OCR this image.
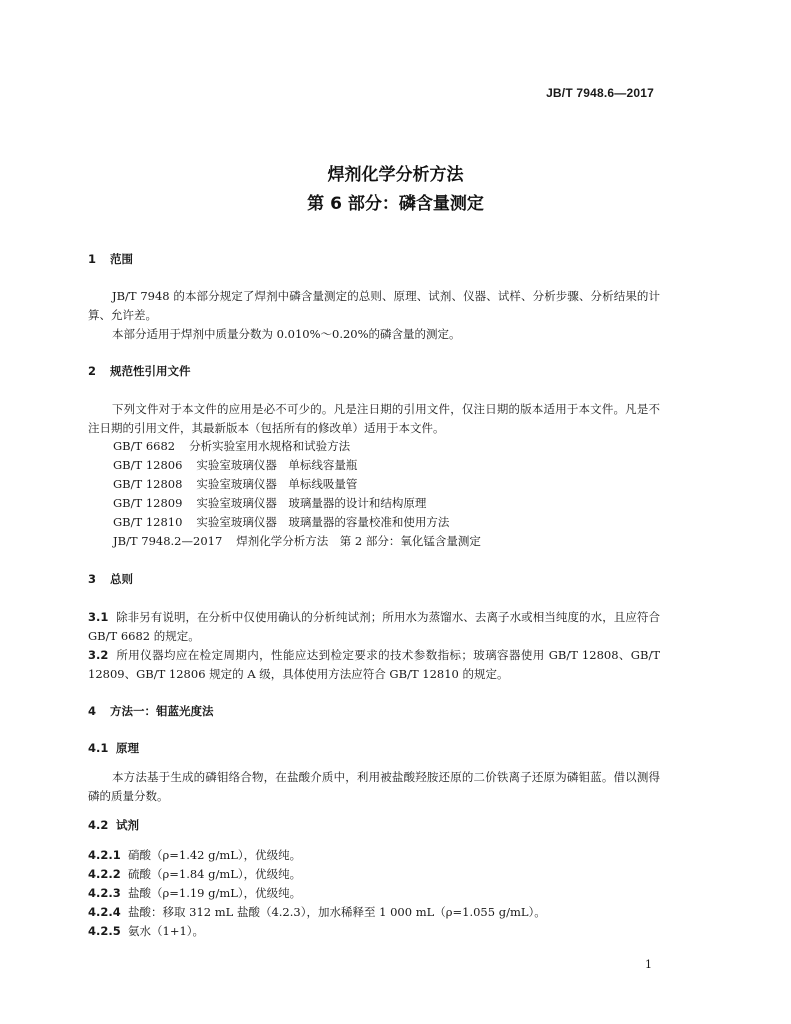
JB/T 7948.6—2017
焊剂化学分析方法
第 6 部分：磷含量测定
1 范围
JB/T 7948 的本部分规定了焊剂中磷含量测定的总则、原理、试剂、仪器、试样、分析步骤、分析结果的计算、允许差。
本部分适用于焊剂中质量分数为 0.010%～0.20%的磷含量的测定。
2 规范性引用文件
下列文件对于本文件的应用是必不可少的。凡是注日期的引用文件，仅注日期的版本适用于本文件。凡是不注日期的引用文件，其最新版本（包括所有的修改单）适用于本文件。
GB/T 6682 分析实验室用水规格和试验方法
GB/T 12806 实验室玻璃仪器　单标线容量瓶
GB/T 12808 实验室玻璃仪器　单标线吸量管
GB/T 12809 实验室玻璃仪器　玻璃量器的设计和结构原理
GB/T 12810 实验室玻璃仪器　玻璃量器的容量校准和使用方法
JB/T 7948.2—2017 焊剂化学分析方法　第 2 部分：氧化锰含量测定
3 总则
3.1 除非另有说明，在分析中仅使用确认的分析纯试剂；所用水为蒸馏水、去离子水或相当纯度的水，且应符合 GB/T 6682 的规定。
3.2 所用仪器均应在检定周期内，性能应达到检定要求的技术参数指标；玻璃容器使用 GB/T 12808、GB/T 12809、GB/T 12806 规定的 A 级，具体使用方法应符合 GB/T 12810 的规定。
4 方法一：钼蓝光度法
4.1 原理
本方法基于生成的磷钼络合物，在盐酸介质中，利用被盐酸羟胺还原的二价铁离子还原为磷钼蓝。借以测得磷的质量分数。
4.2 试剂
4.2.1 硝酸（ρ=1.42 g/mL），优级纯。
4.2.2 硫酸（ρ=1.84 g/mL），优级纯。
4.2.3 盐酸（ρ=1.19 g/mL），优级纯。
4.2.4 盐酸：移取 312 mL 盐酸（4.2.3），加水稀释至 1 000 mL（ρ=1.055 g/mL）。
4.2.5 氨水（1+1）。
1
